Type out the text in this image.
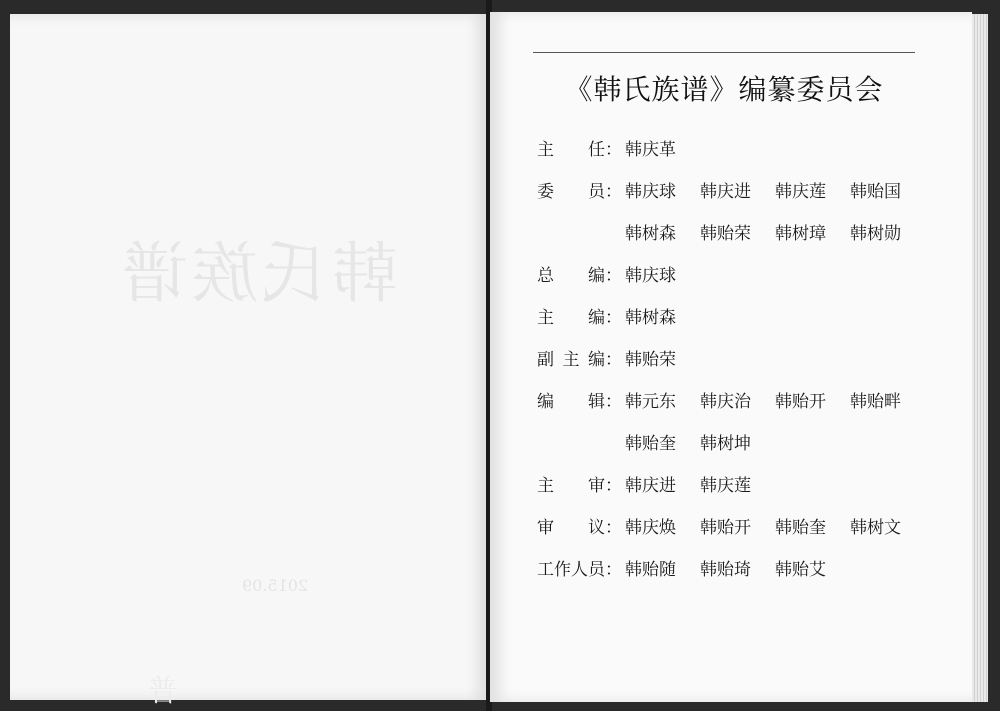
韩氏族谱
2015.09
普
《韩氏族谱》编纂委员会
主 任 ： 韩庆革
委 员 ： 韩庆球	韩庆进	韩庆莲	韩贻国
韩树森	韩贻荣	韩树璋	韩树勋
总 编 ： 韩庆球
主 编 ： 韩树森
副 主 编 ： 韩贻荣
编 辑 ： 韩元东	韩庆治	韩贻开	韩贻畔
韩贻奎	韩树坤
主 审 ： 韩庆进	韩庆莲
审 议 ： 韩庆焕	韩贻开	韩贻奎	韩树文
工作人员 ： 韩贻随	韩贻琦	韩贻艾
